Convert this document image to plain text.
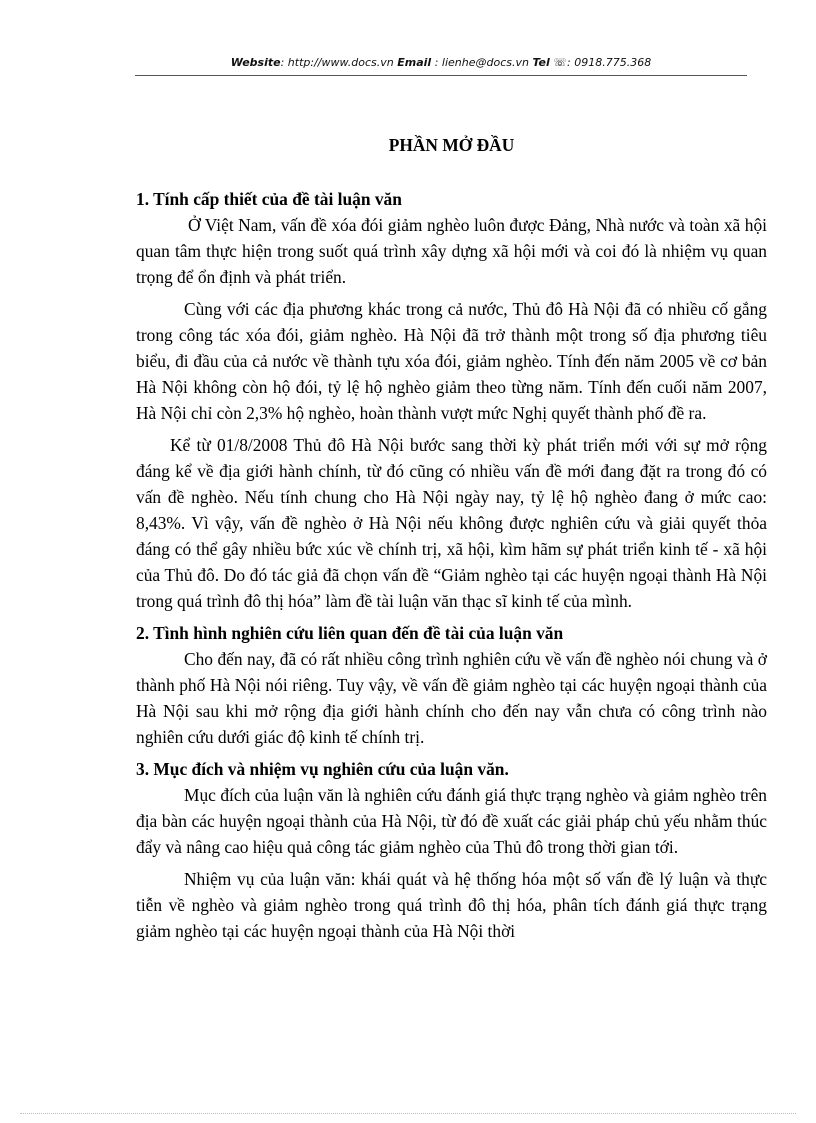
Website: http://www.docs.vn Email : lienhe@docs.vn Tel ☏: 0918.775.368
PHẦN MỞ ĐẦU
1. Tính cấp thiết của đề tài luận văn

Ở Việt Nam, vấn đề xóa đói giảm nghèo luôn được Đảng, Nhà nước và toàn xã hội quan tâm thực hiện trong suốt quá trình xây dựng xã hội mới và coi đó là nhiệm vụ quan trọng để ổn định và phát triển.

Cùng với các địa phương khác trong cả nước, Thủ đô Hà Nội đã có nhiều cố gắng trong công tác xóa đói, giảm nghèo. Hà Nội đã trở thành một trong số địa phương tiêu biểu, đi đầu của cả nước về thành tựu xóa đói, giảm nghèo. Tính đến năm 2005 về cơ bản Hà Nội không còn hộ đói, tỷ lệ hộ nghèo giảm theo từng năm. Tính đến cuối năm 2007, Hà Nội chỉ còn 2,3% hộ nghèo, hoàn thành vượt mức Nghị quyết thành phố đề ra.

Kể từ 01/8/2008 Thủ đô Hà Nội bước sang thời kỳ phát triển mới với sự mở rộng đáng kể về địa giới hành chính, từ đó cũng có nhiều vấn đề mới đang đặt ra trong đó có vấn đề nghèo. Nếu tính chung cho Hà Nội ngày nay, tỷ lệ hộ nghèo đang ở mức cao: 8,43%. Vì vậy, vấn đề nghèo ở Hà Nội nếu không được nghiên cứu và giải quyết thỏa đáng có thể gây nhiều bức xúc về chính trị, xã hội, kìm hãm sự phát triển kinh tế - xã hội của Thủ đô. Do đó tác giả đã chọn vấn đề “Giảm nghèo tại các huyện ngoại thành Hà Nội trong quá trình đô thị hóa” làm đề tài luận văn thạc sĩ kinh tế của mình.

2. Tình hình nghiên cứu liên quan đến đề tài của luận văn

Cho đến nay, đã có rất nhiều công trình nghiên cứu về vấn đề nghèo nói chung và ở thành phố Hà Nội nói riêng. Tuy vậy, về vấn đề giảm nghèo tại các huyện ngoại thành của Hà Nội sau khi mở rộng địa giới hành chính cho đến nay vẫn chưa có công trình nào nghiên cứu dưới giác độ kinh tế chính trị.

3. Mục đích và nhiệm vụ nghiên cứu của luận văn.

Mục đích của luận văn là nghiên cứu đánh giá thực trạng nghèo và giảm nghèo trên địa bàn các huyện ngoại thành của Hà Nội, từ đó đề xuất các giải pháp chủ yếu nhằm thúc đẩy và nâng cao hiệu quả công tác giảm nghèo của Thủ đô trong thời gian tới.

Nhiệm vụ của luận văn: khái quát và hệ thống hóa một số vấn đề lý luận và thực tiễn về nghèo và giảm nghèo trong quá trình đô thị hóa, phân tích đánh giá thực trạng giảm nghèo tại các huyện ngoại thành của Hà Nội thời
